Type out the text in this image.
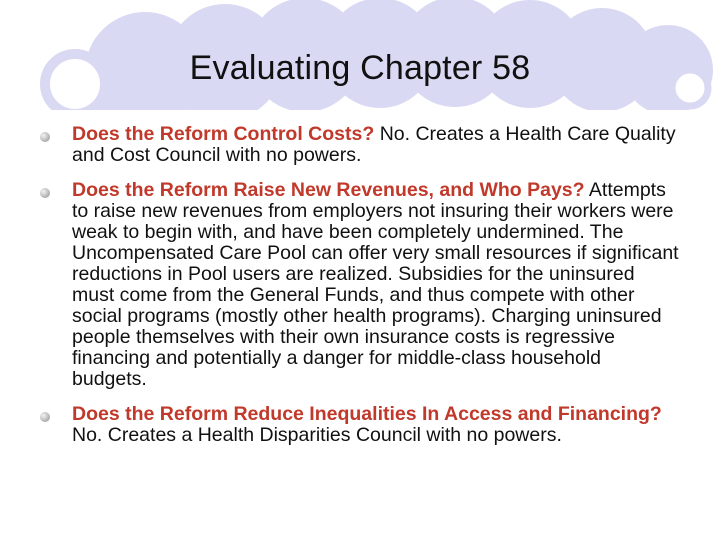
Evaluating Chapter 58
Does the Reform Control Costs? No. Creates a Health Care Quality and Cost Council with no powers.
Does the Reform Raise New Revenues, and Who Pays? Attempts to raise new revenues from employers not insuring their workers were weak to begin with, and have been completely undermined. The Uncompensated Care Pool can offer very small resources if significant reductions in Pool users are realized. Subsidies for the uninsured must come from the General Funds, and thus compete with other social programs (mostly other health programs). Charging uninsured people themselves with their own insurance costs is regressive financing and potentially a danger for middle-class household budgets.
Does the Reform Reduce Inequalities In Access and Financing? No. Creates a Health Disparities Council with no powers.
